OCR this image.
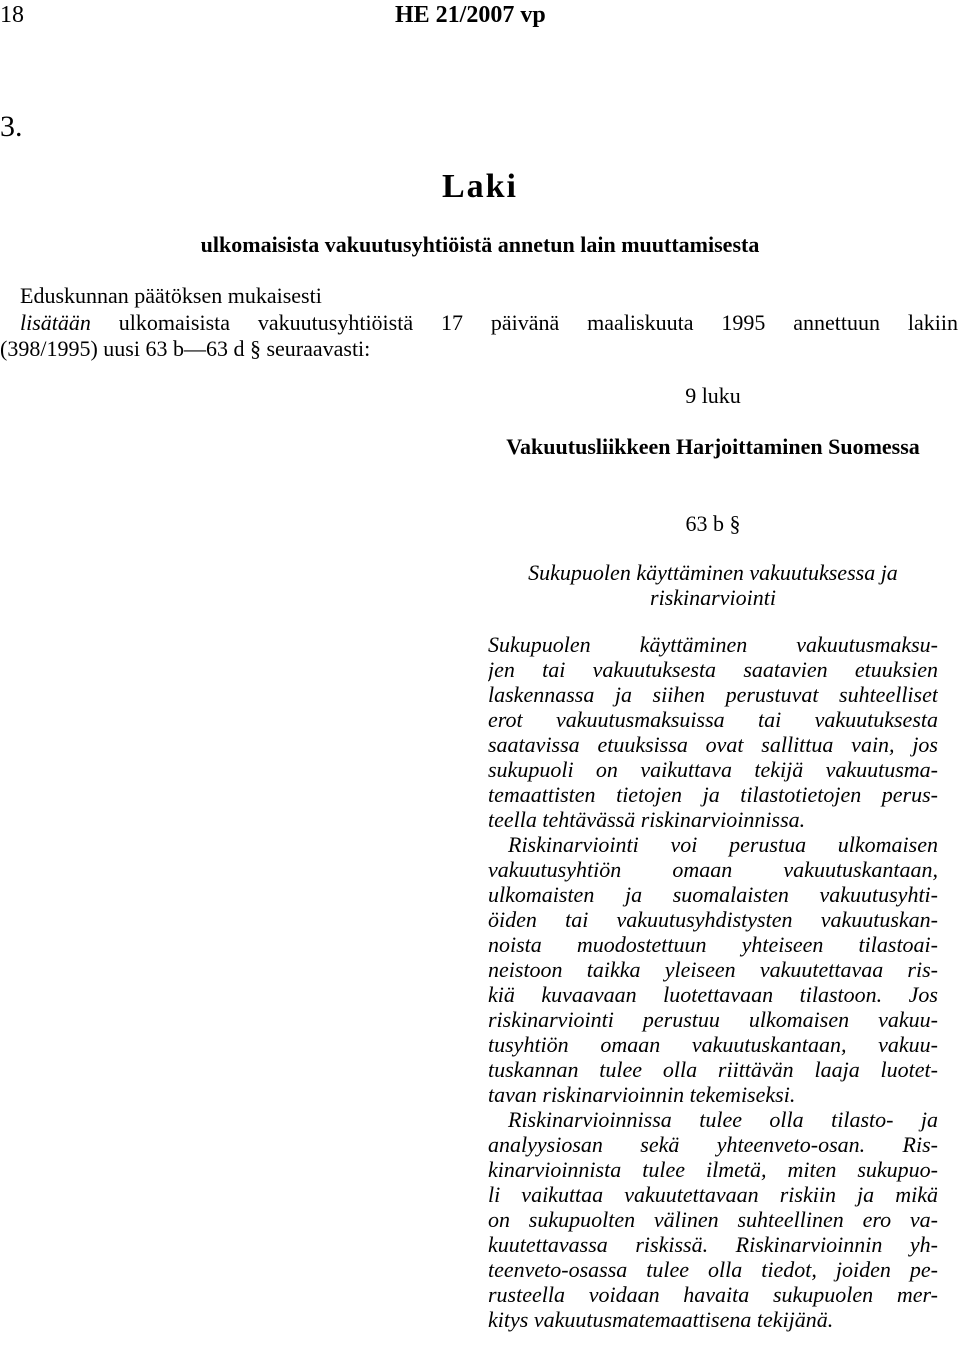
18	HE 21/2007 vp
3.
Laki
ulkomaisista vakuutusyhtiöistä annetun lain muuttamisesta
Eduskunnan päätöksen mukaisesti
lisätään ulkomaisista vakuutusyhtiöistä 17 päivänä maaliskuuta 1995 annettuun lakiin
(398/1995) uusi 63 b—63 d § seuraavasti:
9 luku
Vakuutusliikkeen Harjoittaminen Suomessa
63 b §
Sukupuolen käyttäminen vakuutuksessa ja riskinarviointi
Sukupuolen käyttäminen vakuutusmaksu-
jen tai vakuutuksesta saatavien etuuksien
laskennassa ja siihen perustuvat suhteelliset
erot vakuutusmaksuissa tai vakuutuksesta
saatavissa etuuksissa ovat sallittua vain, jos
sukupuoli on vaikuttava tekijä vakuutusma-
temaattisten tietojen ja tilastotietojen perus-
teella tehtävässä riskinarvioinnissa.
Riskinarviointi voi perustua ulkomaisen
vakuutusyhtiön omaan vakuutuskantaan,
ulkomaisten ja suomalaisten vakuutusyhti-
öiden tai vakuutusyhdistysten vakuutuskan-
noista muodostettuun yhteiseen tilastoai-
neistoon taikka yleiseen vakuutettavaa ris-
kiä kuvaavaan luotettavaan tilastoon. Jos
riskinarviointi perustuu ulkomaisen vakuu-
tusyhtiön omaan vakuutuskantaan, vakuu-
tuskannan tulee olla riittävän laaja luotet-
tavan riskinarvioinnin tekemiseksi.
Riskinarvioinnissa tulee olla tilasto- ja
analyysiosan sekä yhteenveto-osan. Ris-
kinarvioinnista tulee ilmetä, miten sukupuo-
li vaikuttaa vakuutettavaan riskiin ja mikä
on sukupuolten välinen suhteellinen ero va-
kuutettavassa riskissä. Riskinarvioinnin yh-
teenveto-osassa tulee olla tiedot, joiden pe-
rusteella voidaan havaita sukupuolen mer-
kitys vakuutusmatemaattisena tekijänä.
